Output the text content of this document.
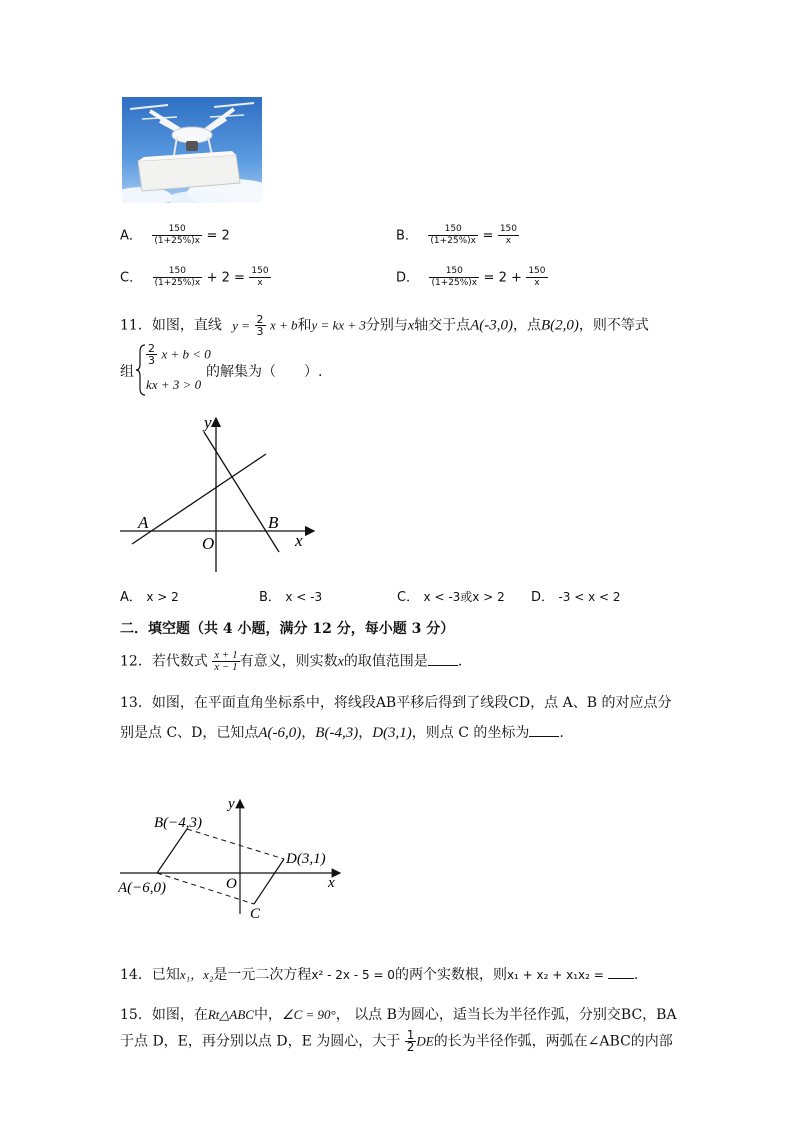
A． $\frac{150}{(1+25\%)x} = 2$	B． $\frac{150}{(1+25\%)x} = \frac{150}{x}$
C． $\frac{150}{(1+25\%)x} + 2 = \frac{150}{x}$	D． $\frac{150}{(1+25\%)x} = 2 + \frac{150}{x}$
11．如图，直线 $y = \frac{2}{3}$ x + b和y = kx + 3分别与x轴交于点A(-3,0)，点B(2,0)，则不等式
组
$\frac{2}{3}$ x + b < 0
kx + 3 > 0
的解集为（　　）.
y
x
O
A	B
A． x > 2	B． x < -3	C． x < -3或x > 2 D． -3 < x < 2
二．填空题（共 4 小题，满分 12 分，每小题 3 分）
12．若代数式 $\frac{x + 1}{x - 1}$ 有意义，则实数x的取值范围是 .
13．如图，在平面直角坐标系中，将线段AB平移后得到了线段CD，点 A、B 的对应点分
别是点 C、D，已知点A(-6,0)，B(-4,3)，D(3,1)，则点 C 的坐标为 .
y
x
O
B(−4,3)
D(3,1)
A(−6,0)
C
14．已知x₁，x₂是一元二次方程x² - 2x - 5 = 0的两个实数根，则x₁ + x₂ + x₁x₂ = .
15．如图，在Rt△ABC中，∠C = 90°， 以点 B为圆心，适当长为半径作弧，分别交BC，BA
于点 D，E，再分别以点 D，E 为圆心，大于 $\frac{1}{2}$ DE的长为半径作弧，两弧在∠ABC的内部
